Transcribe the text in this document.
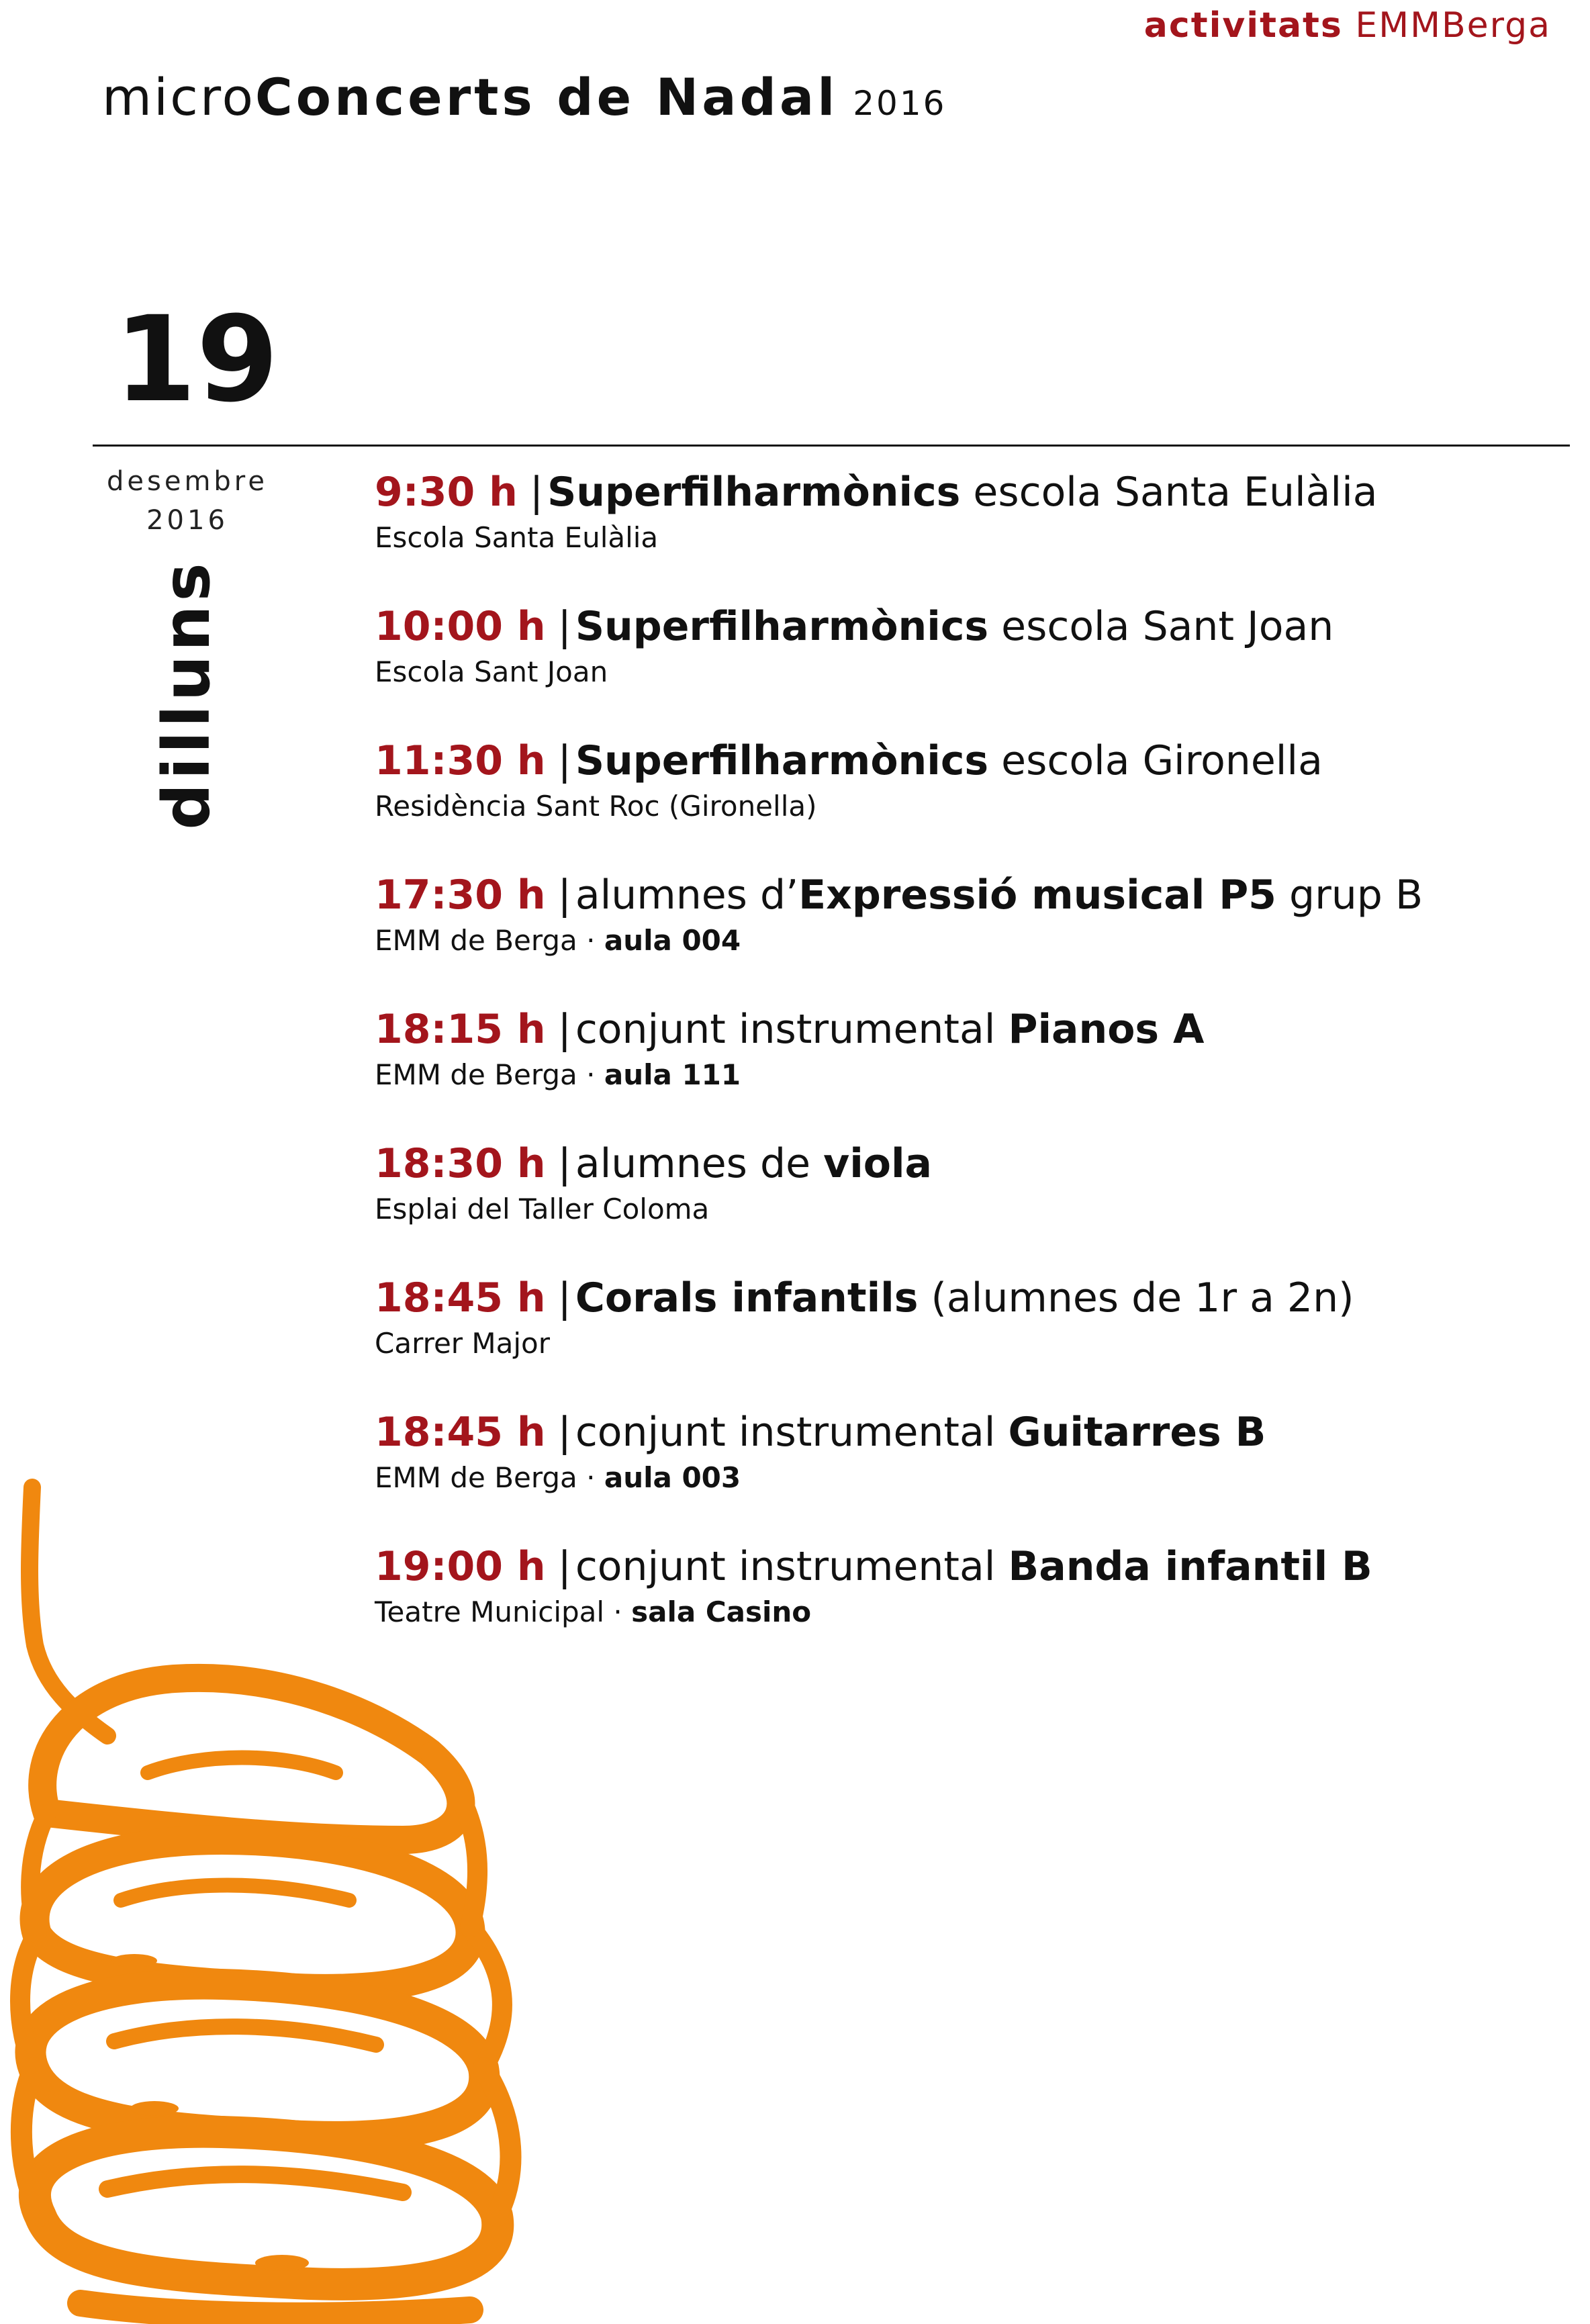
activitats EMMBerga
microConcerts de Nadal 2016
19
desembre
2016
dilluns
9:30 h | Superfilharmònics escola Santa Eulàlia
Escola Santa Eulàlia
10:00 h | Superfilharmònics escola Sant Joan
Escola Sant Joan
11:30 h | Superfilharmònics escola Gironella
Residència Sant Roc (Gironella)
17:30 h | alumnes d’Expressió musical P5 grup B
EMM de Berga · aula 004
18:15 h | conjunt instrumental Pianos A
EMM de Berga · aula 111
18:30 h | alumnes de viola
Esplai del Taller Coloma
18:45 h | Corals infantils (alumnes de 1r a 2n)
Carrer Major
18:45 h | conjunt instrumental Guitarres B
EMM de Berga · aula 003
19:00 h | conjunt instrumental Banda infantil B
Teatre Municipal · sala Casino
